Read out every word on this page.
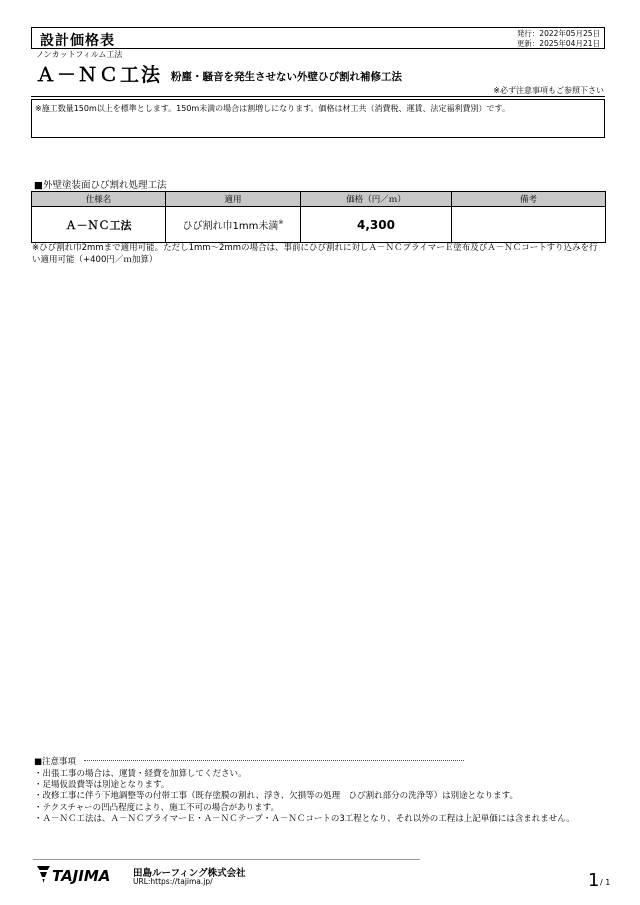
設計価格表	発行：2022年05月25日
更新：2025年04月21日
ノンカットフィルム工法
Ａ－ＮＣ工法 粉塵・騒音を発生させない外壁ひび割れ補修工法
※必ず注意事項もご参照下さい
※施工数量150m以上を標準とします。150m未満の場合は割増しになります。価格は材工共（消費税、運賃、法定福利費別）です。
■外壁塗装面ひび割れ処理工法
仕様名	適用	価格（円／ｍ）	備考
Ａ－ＮＣ工法	ひび割れ巾1mm未満※	4,300	
※ひび割れ巾2mmまで適用可能。ただし1mm～2mmの場合は、事前にひび割れに対しＡ－ＮＣプライマーＥ塗布及びＡ－ＮＣコートすり込みを行い適用可能（+400円／ｍ加算）
■注意事項
・出張工事の場合は、運賃・経費を加算してください。
・足場仮設費等は別途となります。
・改修工事に伴う下地調整等の付帯工事（既存塗膜の割れ、浮き、欠損等の処理　ひび割れ部分の洗浄等）は別途となります。
・テクスチャーの凹凸程度により、施工不可の場合があります。
・Ａ－ＮＣ工法は、Ａ－ＮＣプライマーＥ・Ａ－ＮＣテープ・Ａ－ＮＣコートの3工程となり、それ以外の工程は上記単価には含まれません。
TAJIMA 田島ルーフィング株式会社
URL:https://tajima.jp/	1 / 1
